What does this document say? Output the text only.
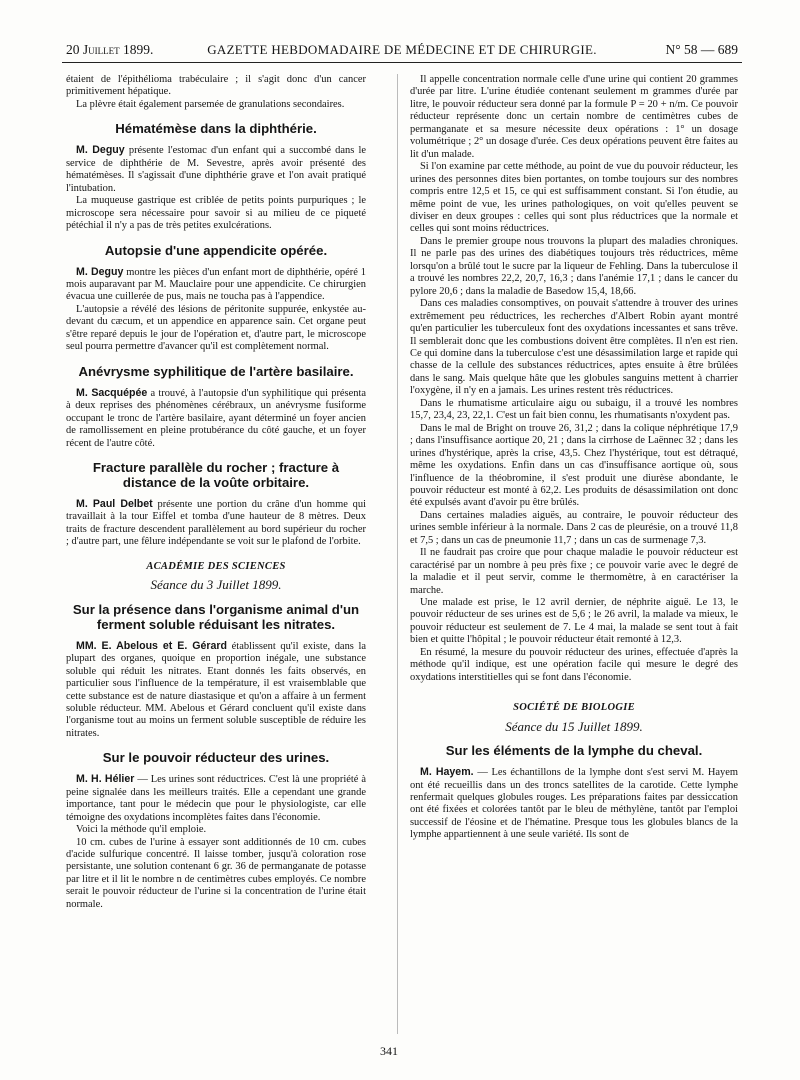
20 Juillet 1899.	GAZETTE HEBDOMADAIRE DE MÉDECINE ET DE CHIRURGIE.	N° 58 — 689

étaient de l'épithélioma trabéculaire ; il s'agit donc d'un cancer primitivement hépatique.

La plèvre était également parsemée de granulations secondaires.

Hématémèse dans la diphthérie.

M. Deguy présente l'estomac d'un enfant qui a succombé dans le service de diphthérie de M. Sevestre, après avoir présenté des hématémèses. Il s'agissait d'une diphthérie grave et l'on avait pratiqué l'intubation.

La muqueuse gastrique est criblée de petits points purpuriques ; le microscope sera nécessaire pour savoir si au milieu de ce piqueté pétéchial il n'y a pas de très petites exulcérations.

Autopsie d'une appendicite opérée.

M. Deguy montre les pièces d'un enfant mort de diphthérie, opéré 1 mois auparavant par M. Mauclaire pour une appendicite. Ce chirurgien évacua une cuillerée de pus, mais ne toucha pas à l'appendice.

L'autopsie a révélé des lésions de péritonite suppurée, enkystée au-devant du cæcum, et un appendice en apparence sain. Cet organe peut s'être reparé depuis le jour de l'opération et, d'autre part, le microscope seul pourra permettre d'avancer qu'il est complètement normal.

Anévrysme syphilitique de l'artère basilaire.

M. Sacquépée a trouvé, à l'autopsie d'un syphilitique qui présenta à deux reprises des phénomènes cérébraux, un anévrysme fusiforme occupant le tronc de l'artère basilaire, ayant déterminé un foyer ancien de ramollissement en pleine protubérance du côté gauche, et un foyer récent de l'autre côté.

Fracture parallèle du rocher ; fracture à distance de la voûte orbitaire.

M. Paul Delbet présente une portion du crâne d'un homme qui travaillait à la tour Eiffel et tomba d'une hauteur de 8 mètres. Deux traits de fracture descendent parallèlement au bord supérieur du rocher ; d'autre part, une fêlure indépendante se voit sur le plafond de l'orbite.

ACADÉMIE DES SCIENCES
Séance du 3 Juillet 1899.
Sur la présence dans l'organisme animal d'un ferment soluble réduisant les nitrates.

MM. E. Abelous et E. Gérard établissent qu'il existe, dans la plupart des organes, quoique en proportion inégale, une substance soluble qui réduit les nitrates. Etant donnés les faits observés, en particulier sous l'influence de la température, il est vraisemblable que cette substance est de nature diastasique et qu'on a affaire à un ferment soluble réducteur. MM. Abelous et Gérard concluent qu'il existe dans l'organisme tout au moins un ferment soluble susceptible de réduire les nitrates.

Sur le pouvoir réducteur des urines.

M. H. Hélier — Les urines sont réductrices. C'est là une propriété à peine signalée dans les meilleurs traités. Elle a cependant une grande importance, tant pour le médecin que pour le physiologiste, car elle témoigne des oxydations incomplètes faites dans l'économie.

Voici la méthode qu'il emploie.

10 cm. cubes de l'urine à essayer sont additionnés de 10 cm. cubes d'acide sulfurique concentré. Il laisse tomber, jusqu'à coloration rose persistante, une solution contenant 6 gr. 36 de permanganate de potasse par litre et il lit le nombre n de centimètres cubes employés. Ce nombre serait le pouvoir réducteur de l'urine si la concentration de l'urine était normale.

Il appelle concentration normale celle d'une urine qui contient 20 grammes d'urée par litre. L'urine étudiée contenant seulement m grammes d'urée par litre, le pouvoir réducteur sera donné par la formule P = 20 + n/m. Ce pouvoir réducteur représente donc un certain nombre de centimètres cubes de permanganate et sa mesure nécessite deux opérations : 1° un dosage volumétrique ; 2° un dosage d'urée. Ces deux opérations peuvent être faites au lit d'un malade.

Si l'on examine par cette méthode, au point de vue du pouvoir réducteur, les urines des personnes dites bien portantes, on tombe toujours sur des nombres compris entre 12,5 et 15, ce qui est suffisamment constant. Si l'on étudie, au même point de vue, les urines pathologiques, on voit qu'elles peuvent se diviser en deux groupes : celles qui sont plus réductrices que la normale et celles qui sont moins réductrices.

Dans le premier groupe nous trouvons la plupart des maladies chroniques. Il ne parle pas des urines des diabétiques toujours très réductrices, même lorsqu'on a brûlé tout le sucre par la liqueur de Fehling. Dans la tuberculose il a trouvé les nombres 22,2, 20,7, 16,3 ; dans l'anémie 17,1 ; dans le cancer du pylore 20,6 ; dans la maladie de Basedow 15,4, 18,66.

Dans ces maladies consomptives, on pouvait s'attendre à trouver des urines extrêmement peu réductrices, les recherches d'Albert Robin ayant montré qu'en particulier les tuberculeux font des oxydations incessantes et sans trêve. Il semblerait donc que les combustions doivent être complètes. Il n'en est rien. Ce qui domine dans la tuberculose c'est une désassimilation large et rapide qui chasse de la cellule des substances réductrices, aptes ensuite à être brûlées dans le sang. Mais quelque hâte que les globules sanguins mettent à charrier l'oxygène, il n'y en a jamais. Les urines restent très réductrices.

Dans le rhumatisme articulaire aigu ou subaigu, il a trouvé les nombres 15,7, 23,4, 23, 22,1. C'est un fait bien connu, les rhumatisants n'oxydent pas.

Dans le mal de Bright on trouve 26, 31,2 ; dans la colique néphrétique 17,9 ; dans l'insuffisance aortique 20, 21 ; dans la cirrhose de Laënnec 32 ; dans les urines d'hystérique, après la crise, 43,5. Chez l'hystérique, tout est détraqué, même les oxydations. Enfin dans un cas d'insuffisance aortique où, sous l'influence de la théobromine, il s'est produit une diurèse abondante, le pouvoir réducteur est monté à 62,2. Les produits de désassimilation ont donc été expulsés avant d'avoir pu être brûlés.

Dans certaines maladies aiguës, au contraire, le pouvoir réducteur des urines semble inférieur à la normale. Dans 2 cas de pleurésie, on a trouvé 11,8 et 7,5 ; dans un cas de pneumonie 11,7 ; dans un cas de surmenage 7,3.

Il ne faudrait pas croire que pour chaque maladie le pouvoir réducteur est caractérisé par un nombre à peu près fixe ; ce pouvoir varie avec le degré de la maladie et il peut servir, comme le thermomètre, à en caractériser la marche.

Une malade est prise, le 12 avril dernier, de néphrite aiguë. Le 13, le pouvoir réducteur de ses urines est de 5,6 ; le 26 avril, la malade va mieux, le pouvoir réducteur est seulement de 7. Le 4 mai, la malade se sent tout à fait bien et quitte l'hôpital ; le pouvoir réducteur était remonté à 12,3.

En résumé, la mesure du pouvoir réducteur des urines, effectuée d'après la méthode qu'il indique, est une opération facile qui mesure le degré des oxydations interstitielles qui se font dans l'économie.

SOCIÉTÉ DE BIOLOGIE
Séance du 15 Juillet 1899.
Sur les éléments de la lymphe du cheval.

M. Hayem. — Les échantillons de la lymphe dont s'est servi M. Hayem ont été recueillis dans un des troncs satellites de la carotide. Cette lymphe renfermait quelques globules rouges. Les préparations faites par dessiccation ont été fixées et colorées tantôt par le bleu de méthylène, tantôt par l'emploi successif de l'éosine et de l'hématine. Presque tous les globules blancs de la lymphe appartiennent à une seule variété. Ils sont de

341
